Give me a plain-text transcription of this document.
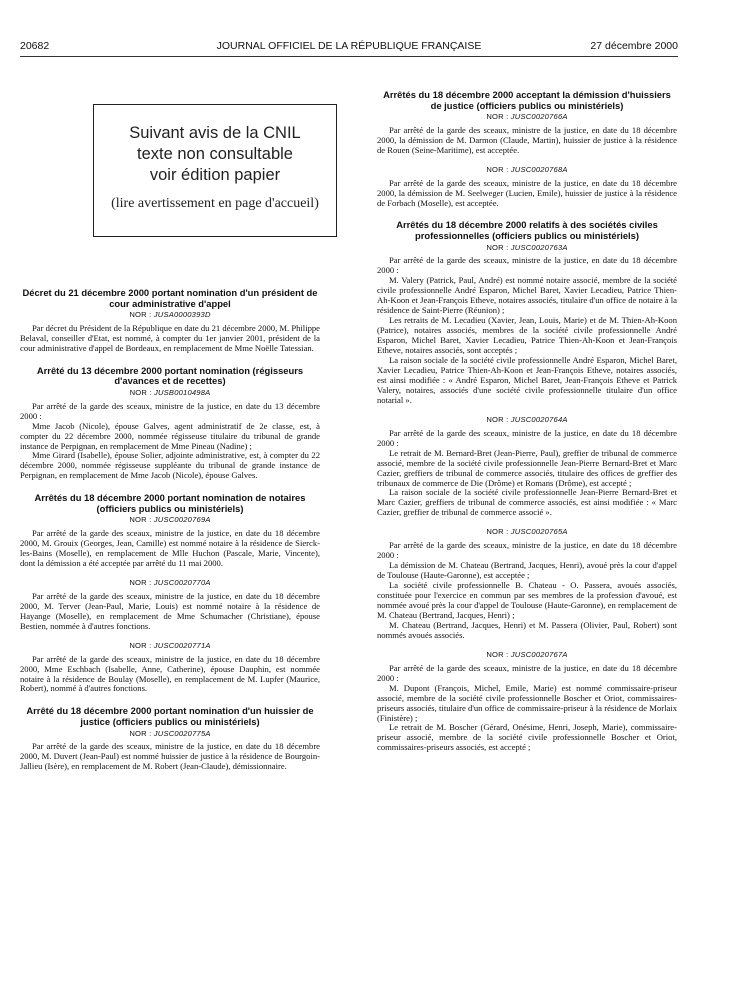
20682	JOURNAL OFFICIEL DE LA RÉPUBLIQUE FRANÇAISE	27 décembre 2000
Suivant avis de la CNIL
texte non consultable
voir édition papier
(lire avertissement en page d'accueil)
Décret du 21 décembre 2000 portant nomination d'un président de cour administrative d'appel
NOR : JUSA0000393D

Par décret du Président de la République en date du 21 décembre 2000, M. Philippe Belaval, conseiller d'Etat, est nommé, à compter du 1er janvier 2001, président de la cour administrative d'appel de Bordeaux, en remplacement de Mme Noëlle Tatessian.

Arrêté du 13 décembre 2000 portant nomination (régisseurs d'avances et de recettes)
NOR : JUSB0010498A

Par arrêté de la garde des sceaux, ministre de la justice, en date du 13 décembre 2000 :

Mme Jacob (Nicole), épouse Galves, agent administratif de 2e classe, est, à compter du 22 décembre 2000, nommée régisseuse titulaire du tribunal de grande instance de Perpignan, en remplacement de Mme Pineau (Nadine) ;

Mme Girard (Isabelle), épouse Solier, adjointe administrative, est, à compter du 22 décembre 2000, nommée régisseuse suppléante du tribunal de grande instance de Perpignan, en remplacement de Mme Jacob (Nicole), épouse Galves.

Arrêtés du 18 décembre 2000 portant nomination de notaires (officiers publics ou ministériels)
NOR : JUSC0020769A

Par arrêté de la garde des sceaux, ministre de la justice, en date du 18 décembre 2000, M. Grouix (Georges, Jean, Camille) est nommé notaire à la résidence de Sierck-les-Bains (Moselle), en remplacement de Mlle Huchon (Pascale, Marie, Vincente), dont la démission a été acceptée par arrêté du 11 mai 2000.

NOR : JUSC0020770A

Par arrêté de la garde des sceaux, ministre de la justice, en date du 18 décembre 2000, M. Terver (Jean-Paul, Marie, Louis) est nommé notaire à la résidence de Hayange (Moselle), en remplacement de Mme Schumacher (Christiane), épouse Bestien, nommée à d'autres fonctions.

NOR : JUSC0020771A

Par arrêté de la garde des sceaux, ministre de la justice, en date du 18 décembre 2000, Mme Eschbach (Isabelle, Anne, Catherine), épouse Dauphin, est nommée notaire à la résidence de Boulay (Moselle), en remplacement de M. Lupfer (Maurice, Robert), nommé à d'autres fonctions.

Arrêté du 18 décembre 2000 portant nomination d'un huissier de justice (officiers publics ou ministériels)
NOR : JUSC0020775A

Par arrêté de la garde des sceaux, ministre de la justice, en date du 18 décembre 2000, M. Duvert (Jean-Paul) est nommé huissier de justice à la résidence de Bourgoin-Jallieu (Isère), en remplacement de M. Robert (Jean-Claude), démissionnaire.

Arrêtés du 18 décembre 2000 acceptant la démission d'huissiers de justice (officiers publics ou ministériels)
NOR : JUSC0020766A

Par arrêté de la garde des sceaux, ministre de la justice, en date du 18 décembre 2000, la démission de M. Darmon (Claude, Martin), huissier de justice à la résidence de Rouen (Seine-Maritime), est acceptée.

NOR : JUSC0020768A

Par arrêté de la garde des sceaux, ministre de la justice, en date du 18 décembre 2000, la démission de M. Seelweger (Lucien, Emile), huissier de justice à la résidence de Forbach (Moselle), est acceptée.

Arrêtés du 18 décembre 2000 relatifs à des sociétés civiles professionnelles (officiers publics ou ministériels)
NOR : JUSC0020763A

Par arrêté de la garde des sceaux, ministre de la justice, en date du 18 décembre 2000 :

M. Valery (Patrick, Paul, André) est nommé notaire associé, membre de la société civile professionnelle André Esparon, Michel Baret, Xavier Lecadieu, Patrice Thien-Ah-Koon et Jean-François Etheve, notaires associés, titulaire d'un office de notaire à la résidence de Saint-Pierre (Réunion) ;

Les retraits de M. Lecadieu (Xavier, Jean, Louis, Marie) et de M. Thien-Ah-Koon (Patrice), notaires associés, membres de la société civile professionnelle André Esparon, Michel Baret, Xavier Lecadieu, Patrice Thien-Ah-Koon et Jean-François Etheve, notaires associés, sont acceptés ;

La raison sociale de la société civile professionnelle André Esparon, Michel Baret, Xavier Lecadieu, Patrice Thien-Ah-Koon et Jean-François Etheve, notaires associés, est ainsi modifiée : « André Esparon, Michel Baret, Jean-François Etheve et Patrick Valery, notaires, associés d'une société civile professionnelle titulaire d'un office notarial ».

NOR : JUSC0020764A

Par arrêté de la garde des sceaux, ministre de la justice, en date du 18 décembre 2000 :

Le retrait de M. Bernard-Bret (Jean-Pierre, Paul), greffier de tribunal de commerce associé, membre de la société civile professionnelle Jean-Pierre Bernard-Bret et Marc Cazier, greffiers de tribunal de commerce associés, titulaire des offices de greffier des tribunaux de commerce de Die (Drôme) et Romans (Drôme), est accepté ;

La raison sociale de la société civile professionnelle Jean-Pierre Bernard-Bret et Marc Cazier, greffiers de tribunal de commerce associés, est ainsi modifiée : « Marc Cazier, greffier de tribunal de commerce associé ».

NOR : JUSC0020765A

Par arrêté de la garde des sceaux, ministre de la justice, en date du 18 décembre 2000 :

La démission de M. Chateau (Bertrand, Jacques, Henri), avoué près la cour d'appel de Toulouse (Haute-Garonne), est acceptée ;

La société civile professionnelle B. Chateau - O. Passera, avoués associés, constituée pour l'exercice en commun par ses membres de la profession d'avoué, est nommée avoué près la cour d'appel de Toulouse (Haute-Garonne), en remplacement de M. Chateau (Bertrand, Jacques, Henri) ;

M. Chateau (Bertrand, Jacques, Henri) et M. Passera (Olivier, Paul, Robert) sont nommés avoués associés.

NOR : JUSC0020767A

Par arrêté de la garde des sceaux, ministre de la justice, en date du 18 décembre 2000 :

M. Dupont (François, Michel, Emile, Marie) est nommé commissaire-priseur associé, membre de la société civile professionnelle Boscher et Oriot, commissaires-priseurs associés, titulaire d'un office de commissaire-priseur à la résidence de Morlaix (Finistère) ;

Le retrait de M. Boscher (Gérard, Onésime, Henri, Joseph, Marie), commissaire-priseur associé, membre de la société civile professionnelle Boscher et Oriot, commissaires-priseurs associés, est accepté ;
